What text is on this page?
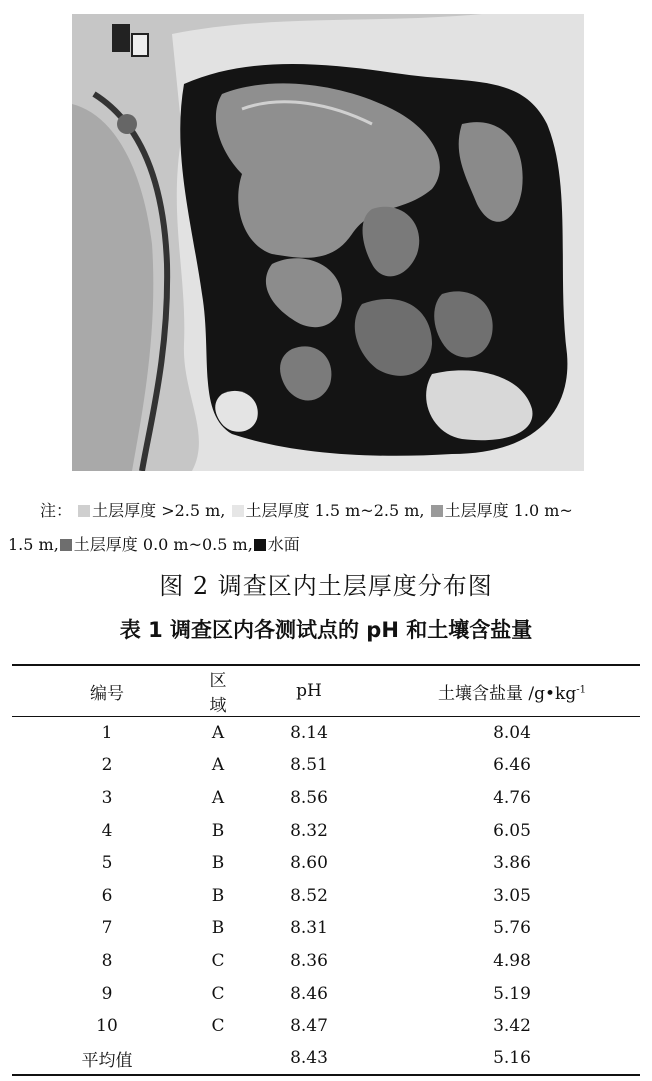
注： 土层厚度 >2.5 m, 土层厚度 1.5 m~2.5 m, 土层厚度 1.0 m~
1.5 m, 土层厚度 0.0 m~0.5 m, 水面
图 2 调查区内土层厚度分布图
表 1 调查区内各测试点的 pH 和土壤含盐量
编号	区域	pH	土壤含盐量 $/g•kg^{-1}$
1	A	8.14	8.04
2	A	8.51	6.46
3	A	8.56	4.76
4	B	8.32	6.05
5	B	8.60	3.86
6	B	8.52	3.05
7	B	8.31	5.76
8	C	8.36	4.98
9	C	8.46	5.19
10	C	8.47	3.42
平均值		8.43	5.16
